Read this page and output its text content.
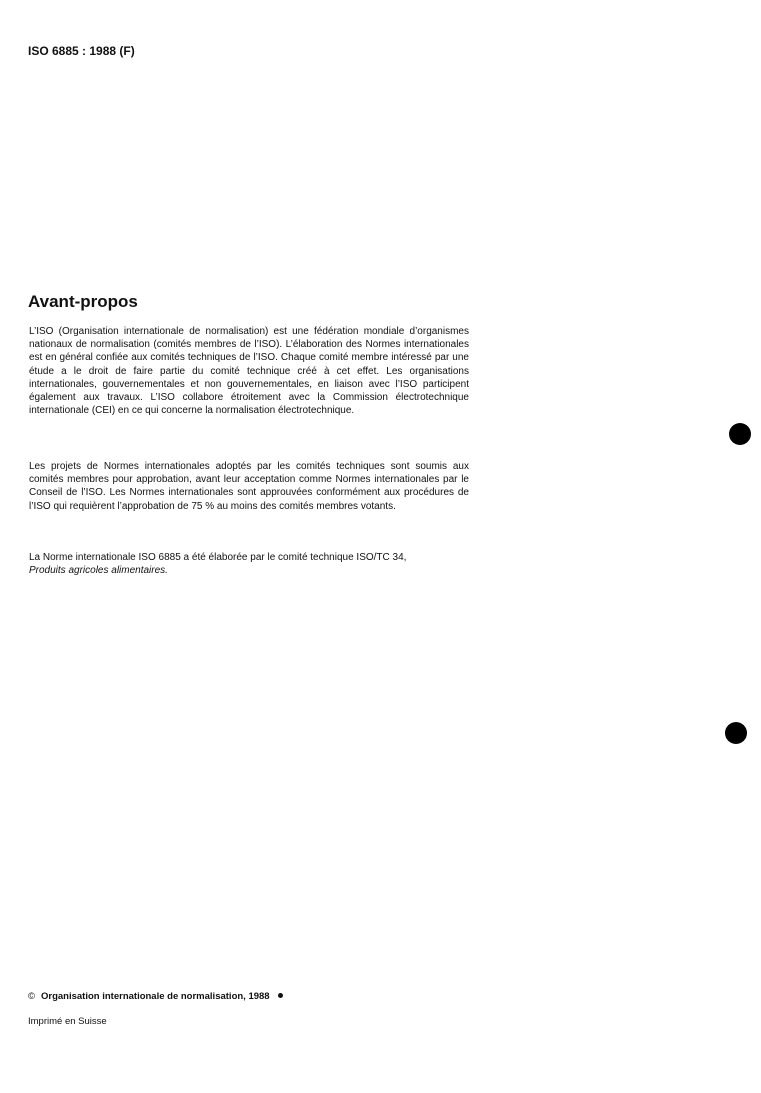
ISO 6885 : 1988 (F)
Avant-propos

L’ISO (Organisation internationale de normalisation) est une fédération mondiale d’organismes nationaux de normalisation (comités membres de l’ISO). L’élaboration des Normes internationales est en général confiée aux comités techniques de l’ISO. Chaque comité membre intéressé par une étude a le droit de faire partie du comité technique créé à cet effet. Les organisations internationales, gouvernementales et non gouvernementales, en liaison avec l’ISO participent également aux travaux. L’ISO collabore étroitement avec la Commission électrotechnique internationale (CEI) en ce qui concerne la normalisation électrotechnique.

Les projets de Normes internationales adoptés par les comités techniques sont soumis aux comités membres pour approbation, avant leur acceptation comme Normes internationales par le Conseil de l’ISO. Les Normes internationales sont approuvées conformément aux procédures de l’ISO qui requièrent l’approbation de 75 % au moins des comités membres votants.

La Norme internationale ISO 6885 a été élaborée par le comité technique ISO/TC 34,
Produits agricoles alimentaires.

© Organisation internationale de normalisation, 1988
Imprimé en Suisse
